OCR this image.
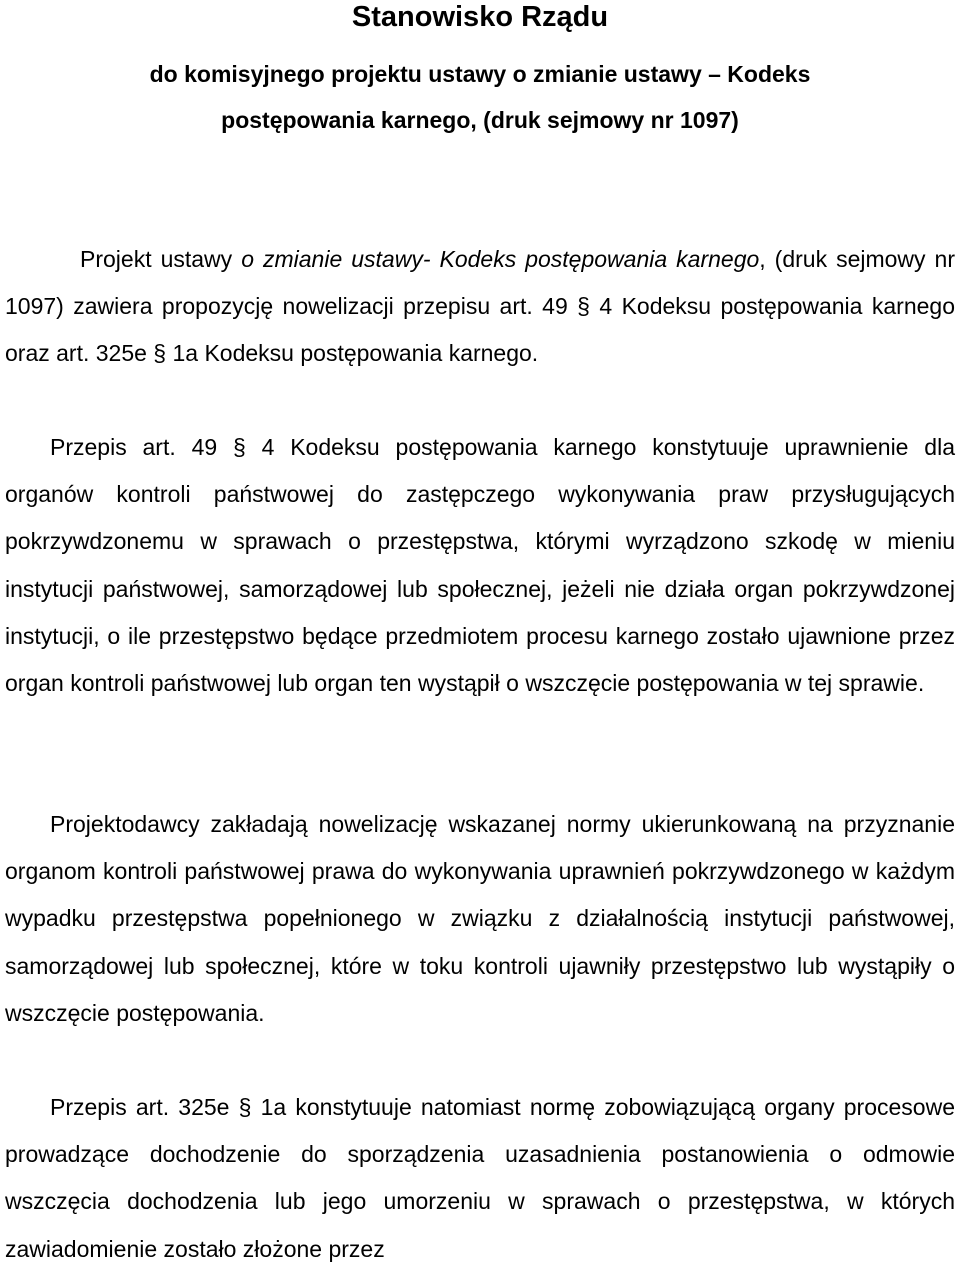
Stanowisko Rządu
do komisyjnego projektu ustawy o zmianie ustawy – Kodeks postępowania karnego, (druk sejmowy nr 1097)

Projekt ustawy o zmianie ustawy- Kodeks postępowania karnego, (druk sejmowy nr 1097) zawiera propozycję nowelizacji przepisu art. 49 § 4 Kodeksu postępowania karnego oraz art. 325e § 1a Kodeksu postępowania karnego.

Przepis art. 49 § 4 Kodeksu postępowania karnego konstytuuje uprawnienie dla organów kontroli państwowej do zastępczego wykonywania praw przysługujących pokrzywdzonemu w sprawach o przestępstwa, którymi wyrządzono szkodę w mieniu instytucji państwowej, samorządowej lub społecznej, jeżeli nie działa organ pokrzywdzonej instytucji, o ile przestępstwo będące przedmiotem procesu karnego zostało ujawnione przez organ kontroli państwowej lub organ ten wystąpił o wszczęcie postępowania w tej sprawie.

Projektodawcy zakładają nowelizację wskazanej normy ukierunkowaną na przyznanie organom kontroli państwowej prawa do wykonywania uprawnień pokrzywdzonego w każdym wypadku przestępstwa popełnionego w związku z działalnością instytucji państwowej, samorządowej lub społecznej, które w toku kontroli ujawniły przestępstwo lub wystąpiły o wszczęcie postępowania.

Przepis art. 325e § 1a konstytuuje natomiast normę zobowiązującą organy procesowe prowadzące dochodzenie do sporządzenia uzasadnienia postanowienia o odmowie wszczęcia dochodzenia lub jego umorzeniu w sprawach o przestępstwa, w których zawiadomienie zostało złożone przez
